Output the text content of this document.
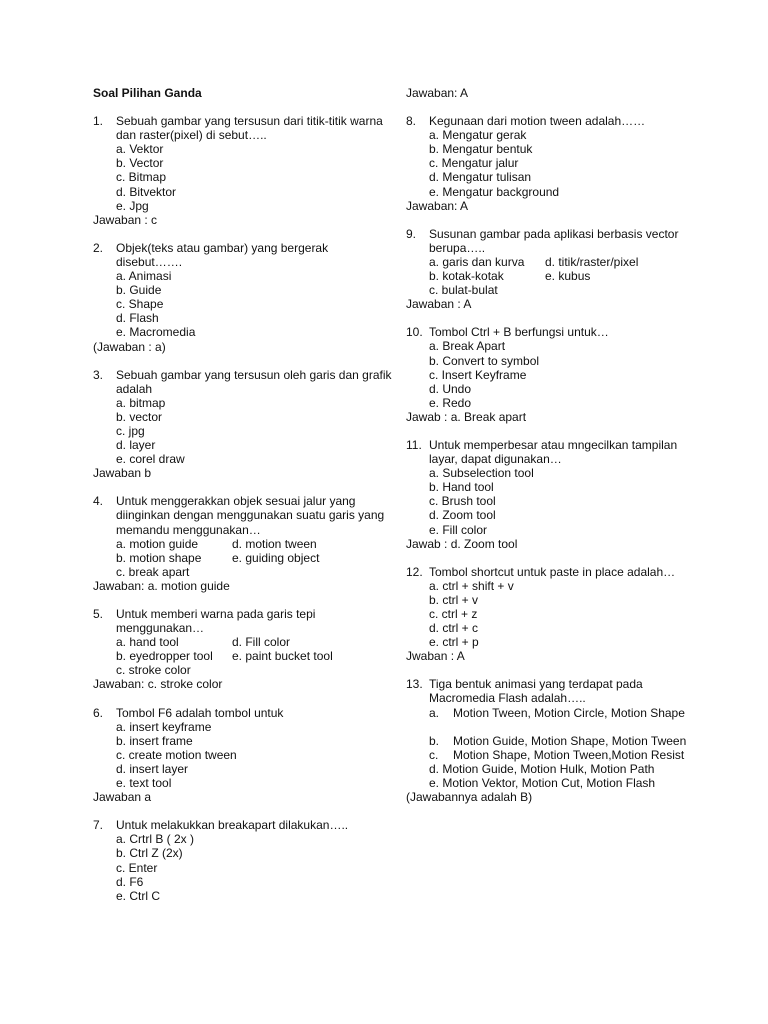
Soal Pilihan Ganda
1.	Sebuah gambar yang tersusun dari titik-titik warna dan raster(pixel) di sebut…..
a. Vektor
b. Vector
c. Bitmap
d. Bitvektor
e. Jpg
Jawaban : c
2.	Objek(teks atau gambar) yang bergerak disebut…….
a. Animasi
b. Guide
c. Shape
d. Flash
e. Macromedia
(Jawaban : a)
3.	Sebuah gambar yang tersusun oleh garis dan grafik adalah
a. bitmap
b. vector
c. jpg
d. layer
e. corel draw
Jawaban b
4.	Untuk menggerakkan objek sesuai jalur yang diinginkan dengan menggunakan suatu garis yang memandu menggunakan…
a. motion guide	d. motion tween
b. motion shape	e. guiding object
c. break apart
Jawaban: a. motion guide
5.	Untuk memberi warna pada garis tepi menggunakan…
a. hand tool	d. Fill color
b. eyedropper tool	e. paint bucket tool
c. stroke color
Jawaban: c. stroke color
6.	Tombol F6 adalah tombol untuk
a. insert keyframe
b. insert frame
c. create motion tween
d. insert layer
e. text tool
Jawaban a
7.	Untuk melakukkan breakapart dilakukan…..
a. Crtrl B ( 2x )
b. Ctrl Z (2x)
c. Enter
d. F6
e. Ctrl C
Jawaban: A
8.	Kegunaan dari motion tween adalah……
a. Mengatur gerak
b. Mengatur bentuk
c. Mengatur jalur
d. Mengatur tulisan
e. Mengatur background
Jawaban: A
9.	Susunan gambar pada aplikasi berbasis vector berupa…..
a. garis dan kurva	d. titik/raster/pixel
b. kotak-kotak	e. kubus
c. bulat-bulat
Jawaban : A
10. Tombol Ctrl + B berfungsi untuk…
a. Break Apart
b. Convert to symbol
c. Insert Keyframe
d. Undo
e. Redo
Jawab : a. Break apart
11. Untuk memperbesar atau mngecilkan tampilan layar, dapat digunakan…
a. Subselection tool
b. Hand tool
c. Brush tool
d. Zoom tool
e. Fill color
Jawab : d. Zoom tool
12. Tombol shortcut untuk paste in place adalah…
a. ctrl + shift + v
b. ctrl + v
c. ctrl + z
d. ctrl + c
e. ctrl + p
Jwaban : A
13. Tiga bentuk animasi yang terdapat pada Macromedia Flash adalah…..
a.	Motion Tween, Motion Circle, Motion Shape
b.	Motion Guide, Motion Shape, Motion Tween
c.	Motion Shape, Motion Tween,Motion Resist
d. Motion Guide, Motion Hulk, Motion Path
e. Motion Vektor, Motion Cut, Motion Flash
(Jawabannya adalah B)
